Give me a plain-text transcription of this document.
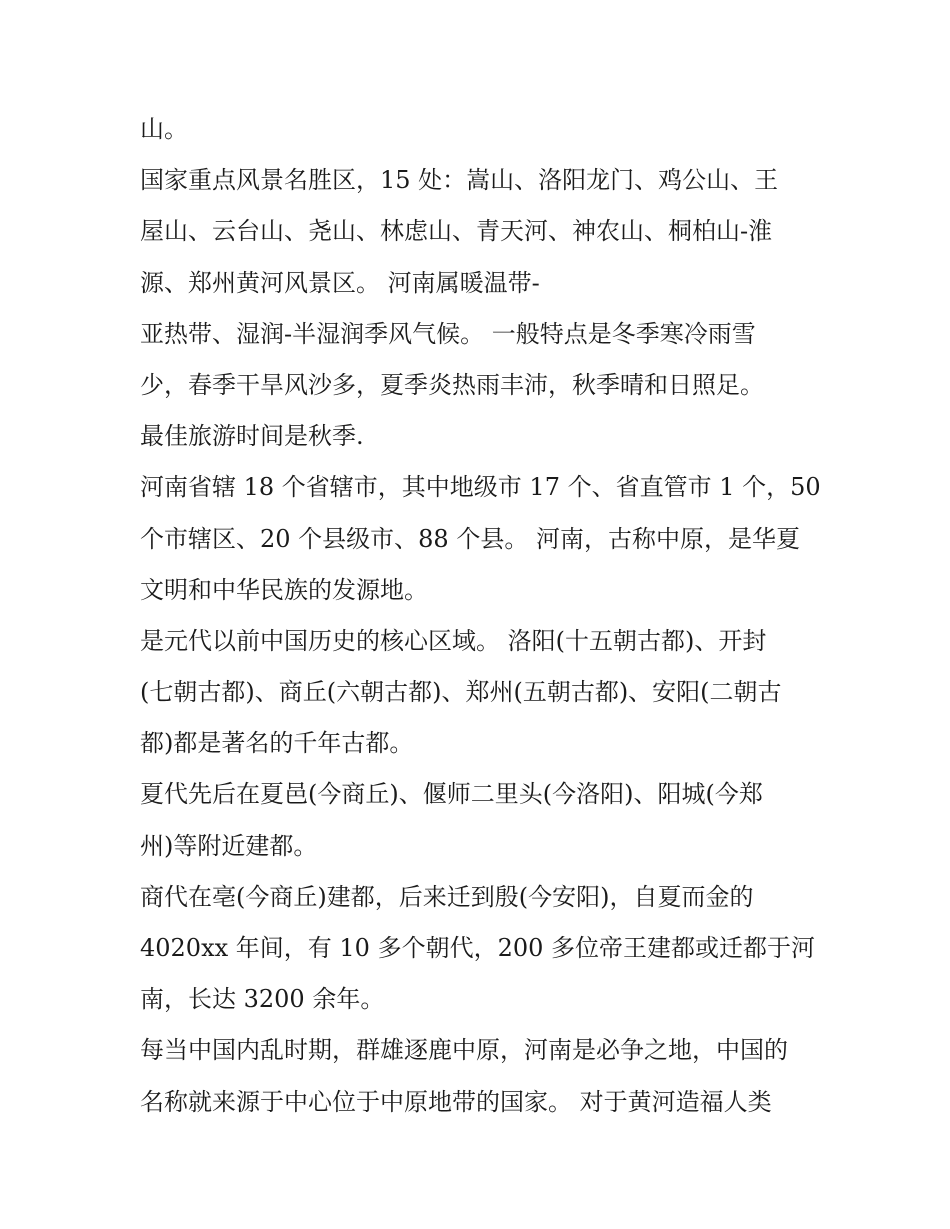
山。
国家重点风景名胜区，15 处：嵩山、洛阳龙门、鸡公山、王
屋山、云台山、尧山、林虑山、青天河、神农山、桐柏山-淮
源、郑州黄河风景区。 河南属暖温带-
亚热带、湿润-半湿润季风气候。 一般特点是冬季寒冷雨雪
少，春季干旱风沙多，夏季炎热雨丰沛，秋季晴和日照足。
最佳旅游时间是秋季.
河南省辖 18 个省辖市，其中地级市 17 个、省直管市 1 个，50
个市辖区、20 个县级市、88 个县。 河南，古称中原，是华夏
文明和中华民族的发源地。
是元代以前中国历史的核心区域。 洛阳(十五朝古都)、开封
(七朝古都)、商丘(六朝古都)、郑州(五朝古都)、安阳(二朝古
都)都是著名的千年古都。
夏代先后在夏邑(今商丘)、偃师二里头(今洛阳)、阳城(今郑
州)等附近建都。
商代在亳(今商丘)建都，后来迁到殷(今安阳)，自夏而金的
4020xx 年间，有 10 多个朝代，200 多位帝王建都或迁都于河
南，长达 3200 余年。
每当中国内乱时期，群雄逐鹿中原，河南是必争之地，中国的
名称就来源于中心位于中原地带的国家。 对于黄河造福人类
